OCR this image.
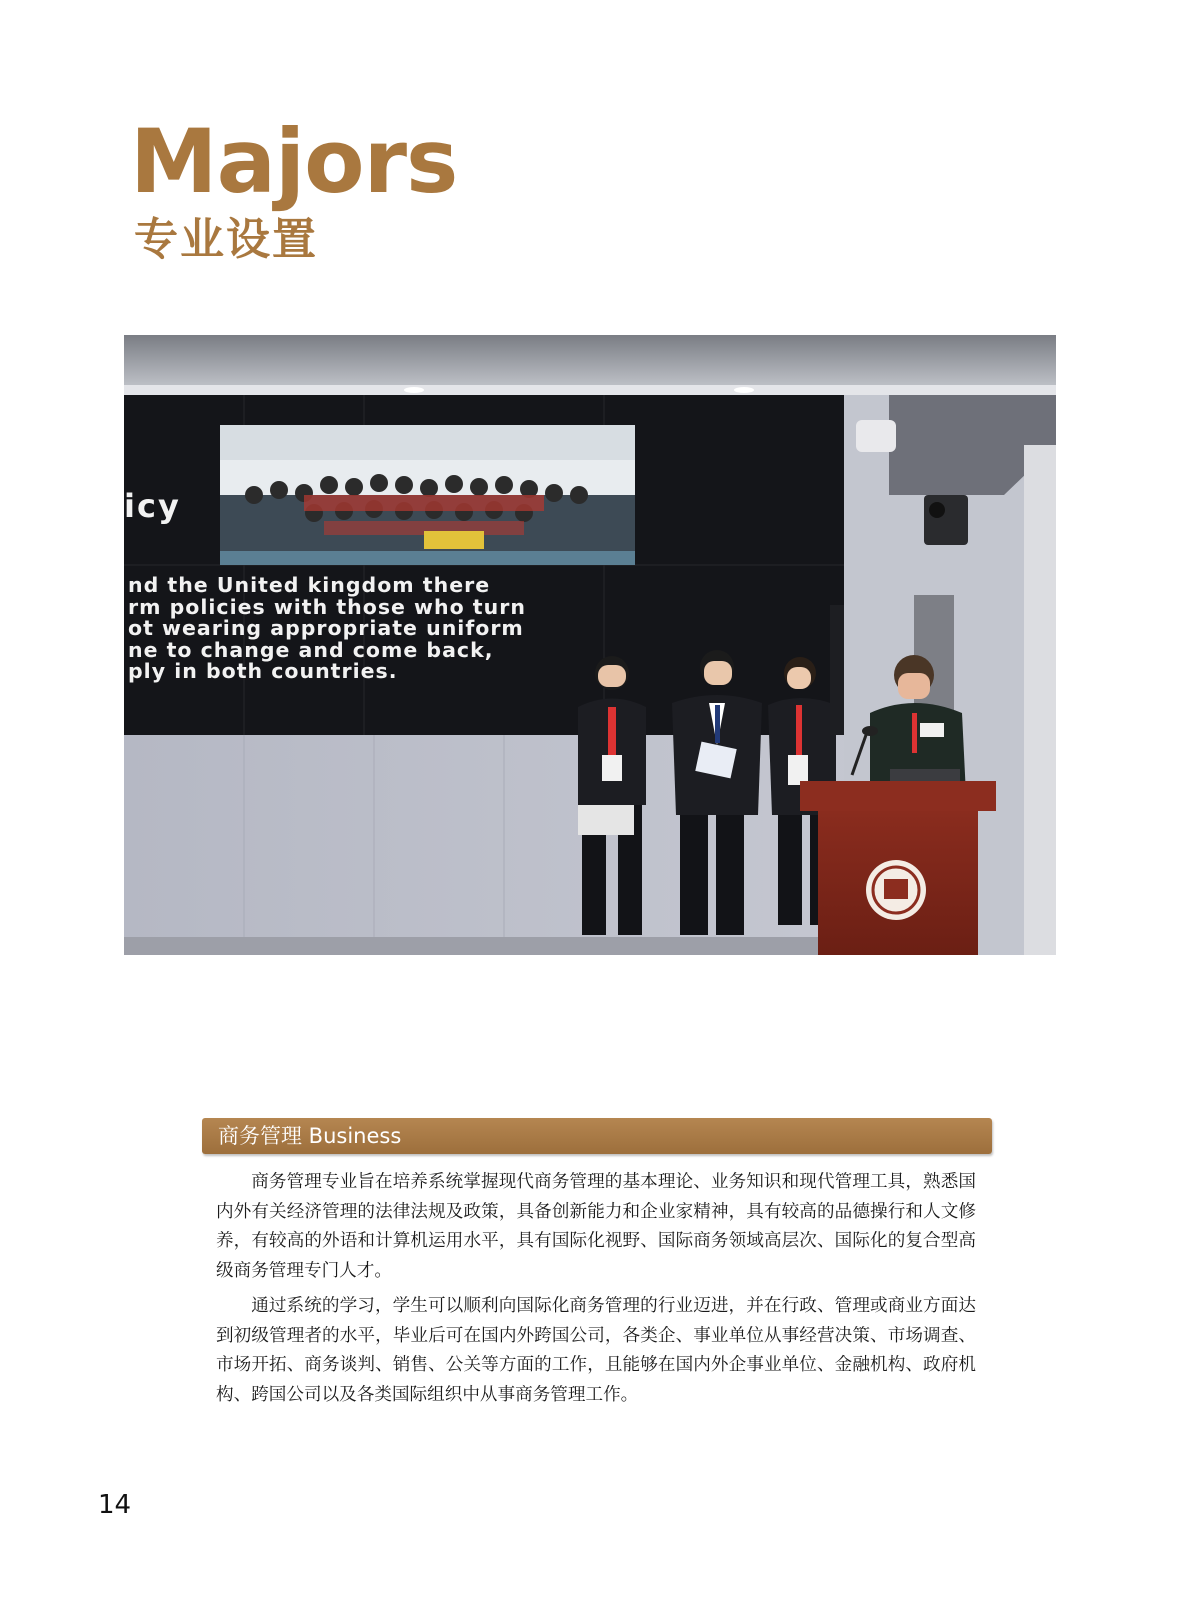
Majors
专业设置
icy
nd the United kingdom there
rm policies with those who turn
ot wearing appropriate uniform
ne to change and come back,
ply in both countries.
商务管理 Business

商务管理专业旨在培养系统掌握现代商务管理的基本理论、业务知识和现代管理工具，熟悉国内外有关经济管理的法律法规及政策，具备创新能力和企业家精神，具有较高的品德操行和人文修养，有较高的外语和计算机运用水平，具有国际化视野、国际商务领域高层次、国际化的复合型高级商务管理专门人才。

通过系统的学习，学生可以顺利向国际化商务管理的行业迈进，并在行政、管理或商业方面达到初级管理者的水平，毕业后可在国内外跨国公司，各类企、事业单位从事经营决策、市场调查、市场开拓、商务谈判、销售、公关等方面的工作，且能够在国内外企事业单位、金融机构、政府机构、跨国公司以及各类国际组织中从事商务管理工作。

14
